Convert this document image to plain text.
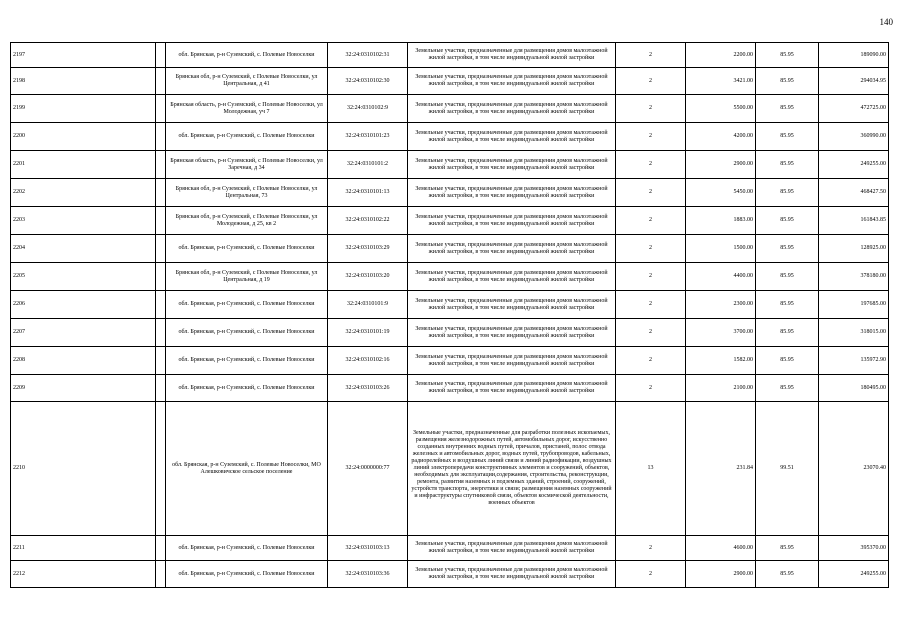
140
2197		обл. Брянская, р-н Суземский, с. Полевые Новоселки	32:24:0310102:31	Земельные участки, предназначенные для размещения домов малоэтажной жилой застройки, в том числе индивидуальной жилой застройки	2	2200.00	85.95	189090.00
2198		Брянская обл, р-н Суземский, с Полевые Новоселки, ул Центральная, д 41	32:24:0310102:30	Земельные участки, предназначенные для размещения домов малоэтажной жилой застройки, в том числе индивидуальной жилой застройки	2	3421.00	85.95	294034.95
2199		Брянская область, р-н Суземский, с Полевые Новоселки, ул Молодежная, уч 7	32:24:0310102:9	Земельные участки, предназначенные для размещения домов малоэтажной жилой застройки, в том числе индивидуальной жилой застройки	2	5500.00	85.95	472725.00
2200		обл. Брянская, р-н Суземский, с. Полевые Новоселки	32:24:0310101:23	Земельные участки, предназначенные для размещения домов малоэтажной жилой застройки, в том числе индивидуальной жилой застройки	2	4200.00	85.95	360990.00
2201		Брянская область, р-н Суземский, с Полевые Новоселки, ул Заречная, д 34	32:24:0310101:2	Земельные участки, предназначенные для размещения домов малоэтажной жилой застройки, в том числе индивидуальной жилой застройки	2	2900.00	85.95	249255.00
2202		Брянская обл, р-н Суземский, с Полевые Новоселки, ул Центральная, 73	32:24:0310101:13	Земельные участки, предназначенные для размещения домов малоэтажной жилой застройки, в том числе индивидуальной жилой застройки	2	5450.00	85.95	468427.50
2203		Брянская обл, р-н Суземский, с Полевые Новоселки, ул Молодежная, д 25, кв 2	32:24:0310102:22	Земельные участки, предназначенные для размещения домов малоэтажной жилой застройки, в том числе индивидуальной жилой застройки	2	1883.00	85.95	161843.85
2204		обл. Брянская, р-н Суземский, с. Полевые Новоселки	32:24:0310103:29	Земельные участки, предназначенные для размещения домов малоэтажной жилой застройки, в том числе индивидуальной жилой застройки	2	1500.00	85.95	128925.00
2205		Брянская обл, р-н Суземский, с Полевые Новоселки, ул Центральная, д 19	32:24:0310103:20	Земельные участки, предназначенные для размещения домов малоэтажной жилой застройки, в том числе индивидуальной жилой застройки	2	4400.00	85.95	378180.00
2206		обл. Брянская, р-н Суземский, с. Полевые Новоселки	32:24:0310101:9	Земельные участки, предназначенные для размещения домов малоэтажной жилой застройки, в том числе индивидуальной жилой застройки	2	2300.00	85.95	197685.00
2207		обл. Брянская, р-н Суземский, с. Полевые Новоселки	32:24:0310101:19	Земельные участки, предназначенные для размещения домов малоэтажной жилой застройки, в том числе индивидуальной жилой застройки	2	3700.00	85.95	318015.00
2208		обл. Брянская, р-н Суземский, с. Полевые Новоселки	32:24:0310102:16	Земельные участки, предназначенные для размещения домов малоэтажной жилой застройки, в том числе индивидуальной жилой застройки	2	1582.00	85.95	135972.90
2209		обл. Брянская, р-н Суземский, с. Полевые Новоселки	32:24:0310103:26	Земельные участки, предназначенные для размещения домов малоэтажной жилой застройки, в том числе индивидуальной жилой застройки	2	2100.00	85.95	180495.00
2210		обл. Брянская, р-н Суземский, с. Полевые Новоселки, МО Алешковичское сельское поселение	32:24:0000000:77	Земельные участки, предназначенные для разработки полезных ископаемых, размещения железнодорожных путей, автомобильных дорог, искусственно созданных внутренних водных путей, причалов, пристаней, полос отвода железных и автомобильных дорог, водных путей, трубопроводов, кабельных, радиорелейных и воздушных линий связи и линий радиофикации, воздушных линий электропередачи конструктивных элементов и сооружений, объектов, необходимых для эксплуатации,содержания, строительства, реконструкции, ремонта, развития наземных и подземных зданий, строений, сооружений, устройств транспорта, энергетики и связи; размещения наземных сооружений и инфраструктуры спутниковой связи, объектов космической деятельности, военных объектов	13	231.84	99.51	23070.40
2211		обл. Брянская, р-н Суземский, с. Полевые Новоселки	32:24:0310103:13	Земельные участки, предназначенные для размещения домов малоэтажной жилой застройки, в том числе индивидуальной жилой застройки	2	4600.00	85.95	395370.00
2212		обл. Брянская, р-н Суземский, с. Полевые Новоселки	32:24:0310103:36	Земельные участки, предназначенные для размещения домов малоэтажной жилой застройки, в том числе индивидуальной жилой застройки	2	2900.00	85.95	249255.00
